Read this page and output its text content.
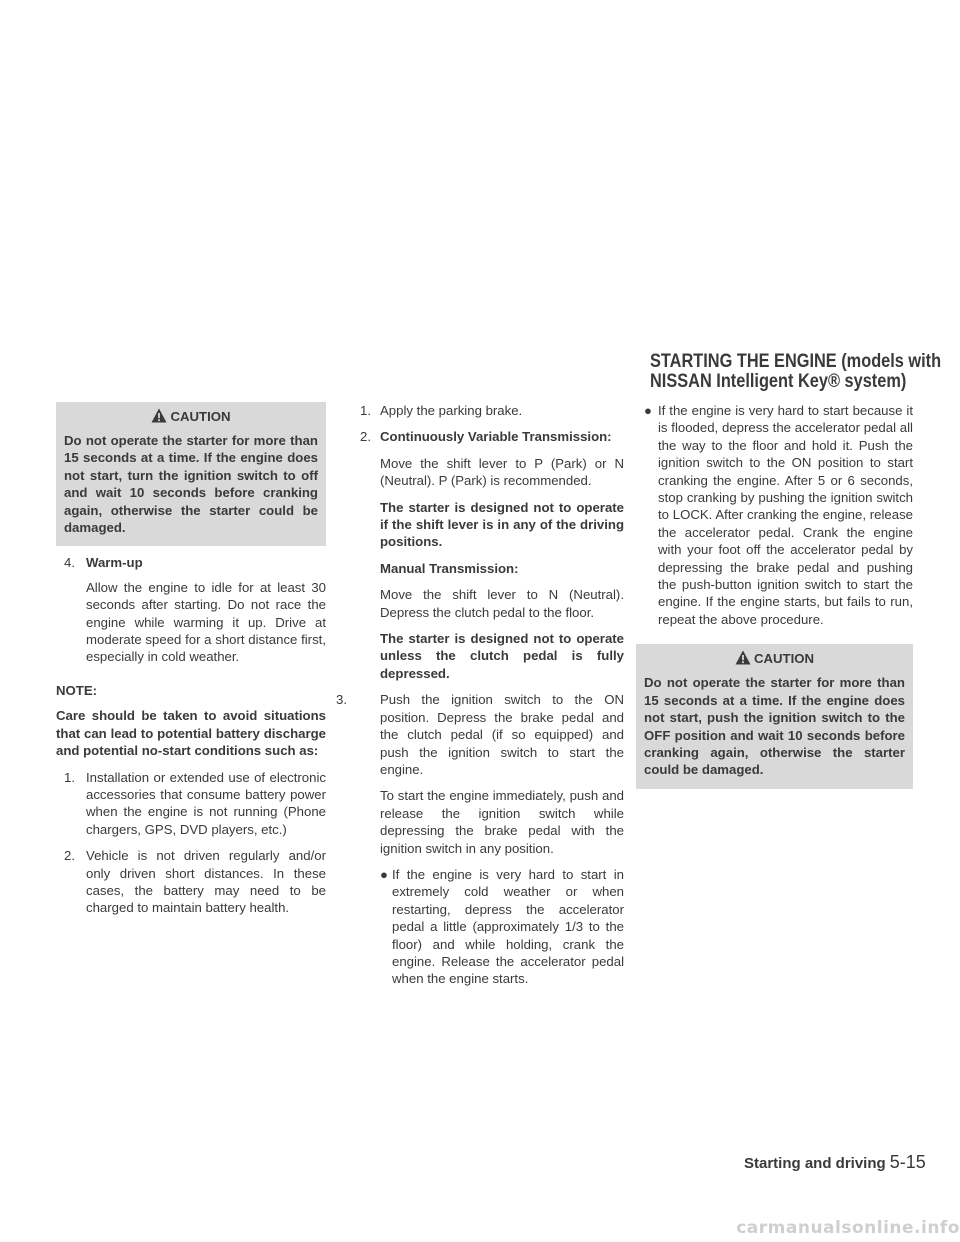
STARTING THE ENGINE (models with
NISSAN Intelligent Key® system)
CAUTION
Do not operate the starter for more than 15 seconds at a time. If the engine does not start, turn the ignition switch to off and wait 10 seconds before cranking again, otherwise the starter could be damaged.
4. Warm-up

Allow the engine to idle for at least 30 seconds after starting. Do not race the engine while warming it up. Drive at moderate speed for a short distance first, especially in cold weather.

NOTE:

Care should be taken to avoid situations that can lead to potential battery discharge and potential no-start conditions such as:

1. Installation or extended use of electronic accessories that consume battery power when the engine is not running (Phone chargers, GPS, DVD players, etc.)
2. Vehicle is not driven regularly and/or only driven short distances. In these cases, the battery may need to be charged to maintain battery health.
1. Apply the parking brake.
2. Continuously Variable Transmission:

Move the shift lever to P (Park) or N (Neutral). P (Park) is recommended.

The starter is designed not to operate if the shift lever is in any of the driving positions.

Manual Transmission:

Move the shift lever to N (Neutral). Depress the clutch pedal to the floor.

The starter is designed not to operate unless the clutch pedal is fully depressed.

3.	Push the ignition switch to the ON position. Depress the brake pedal and the clutch pedal (if so equipped) and push the ignition switch to start the engine.

To start the engine immediately, push and release the ignition switch while depressing the brake pedal with the ignition switch in any position.

● If the engine is very hard to start in extremely cold weather or when restarting, depress the accelerator pedal a little (approximately 1/3 to the floor) and while holding, crank the engine. Release the accelerator pedal when the engine starts.
● If the engine is very hard to start because it is flooded, depress the accelerator pedal all the way to the floor and hold it. Push the ignition switch to the ON position to start cranking the engine. After 5 or 6 seconds, stop cranking by pushing the ignition switch to LOCK. After cranking the engine, release the accelerator pedal. Crank the engine with your foot off the accelerator pedal by depressing the brake pedal and pushing the push-button ignition switch to start the engine. If the engine starts, but fails to run, repeat the above procedure.
CAUTION
Do not operate the starter for more than 15 seconds at a time. If the engine does not start, push the ignition switch to the OFF position and wait 10 seconds before cranking again, otherwise the starter could be damaged.
Starting and driving 5-15
carmanualsonline.info
